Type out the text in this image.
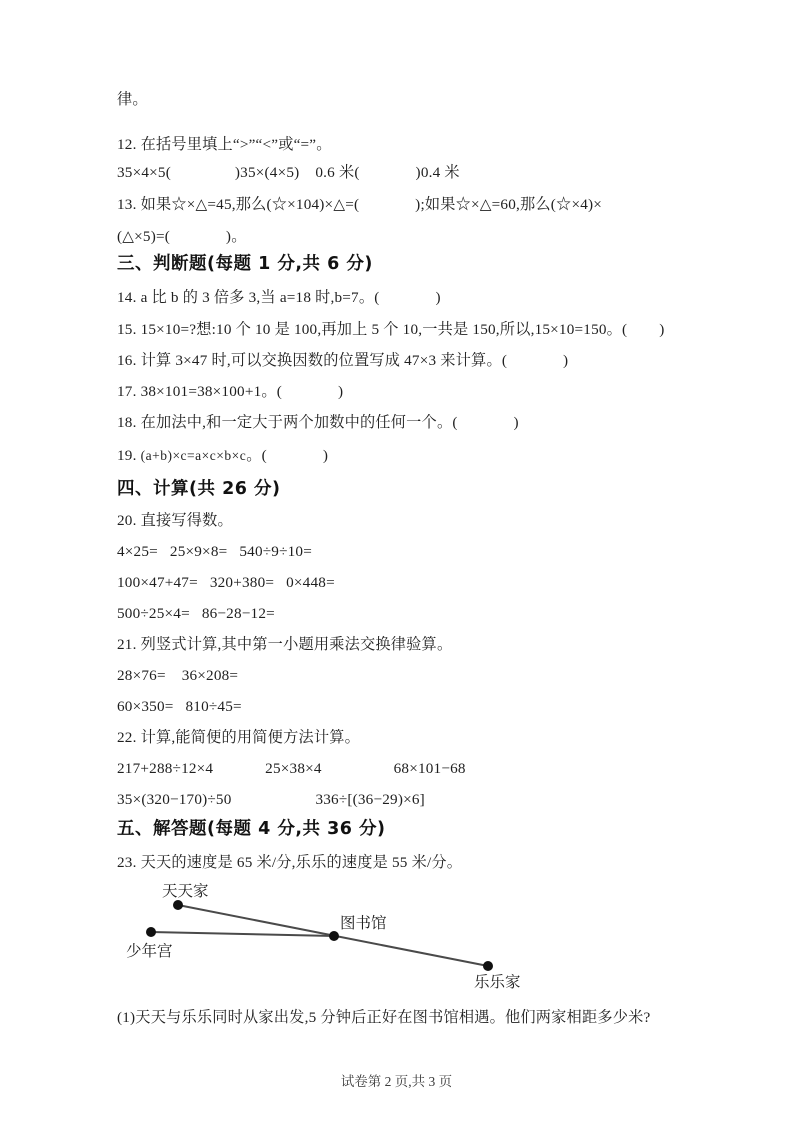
律。
12. 在括号里填上“>”“<”或“=”。
35×4×5(                )35×(4×5)    0.6 米(              )0.4 米
13. 如果☆×△=45,那么(☆×104)×△=(              );如果☆×△=60,那么(☆×4)×
(△×5)=(              )。
三、判断题(每题 1 分,共 6 分)
14. a 比 b 的 3 倍多 3,当 a=18 时,b=7。(              )
15. 15×10=?想:10 个 10 是 100,再加上 5 个 10,一共是 150,所以,15×10=150。(        )
16. 计算 3×47 时,可以交换因数的位置写成 47×3 来计算。(              )
17. 38×101=38×100+1。(              )
18. 在加法中,和一定大于两个加数中的任何一个。(              )
19. (a+b)×c=a×c×b×c。(              )
四、计算(共 26 分)
20. 直接写得数。
4×25=   25×9×8=   540÷9÷10=
100×47+47=   320+380=   0×448=
500÷25×4=   86−28−12=
21. 列竖式计算,其中第一小题用乘法交换律验算。
28×76=    36×208=
60×350=   810÷45=
22. 计算,能简便的用简便方法计算。
217+288÷12×4             25×38×4                  68×101−68
35×(320−170)÷50                     336÷[(36−29)×6]
五、解答题(每题 4 分,共 36 分)
23. 天天的速度是 65 米/分,乐乐的速度是 55 米/分。
天天家
少年宫
图书馆
乐乐家
(1)天天与乐乐同时从家出发,5 分钟后正好在图书馆相遇。他们两家相距多少米?
试卷第 2 页,共 3 页
